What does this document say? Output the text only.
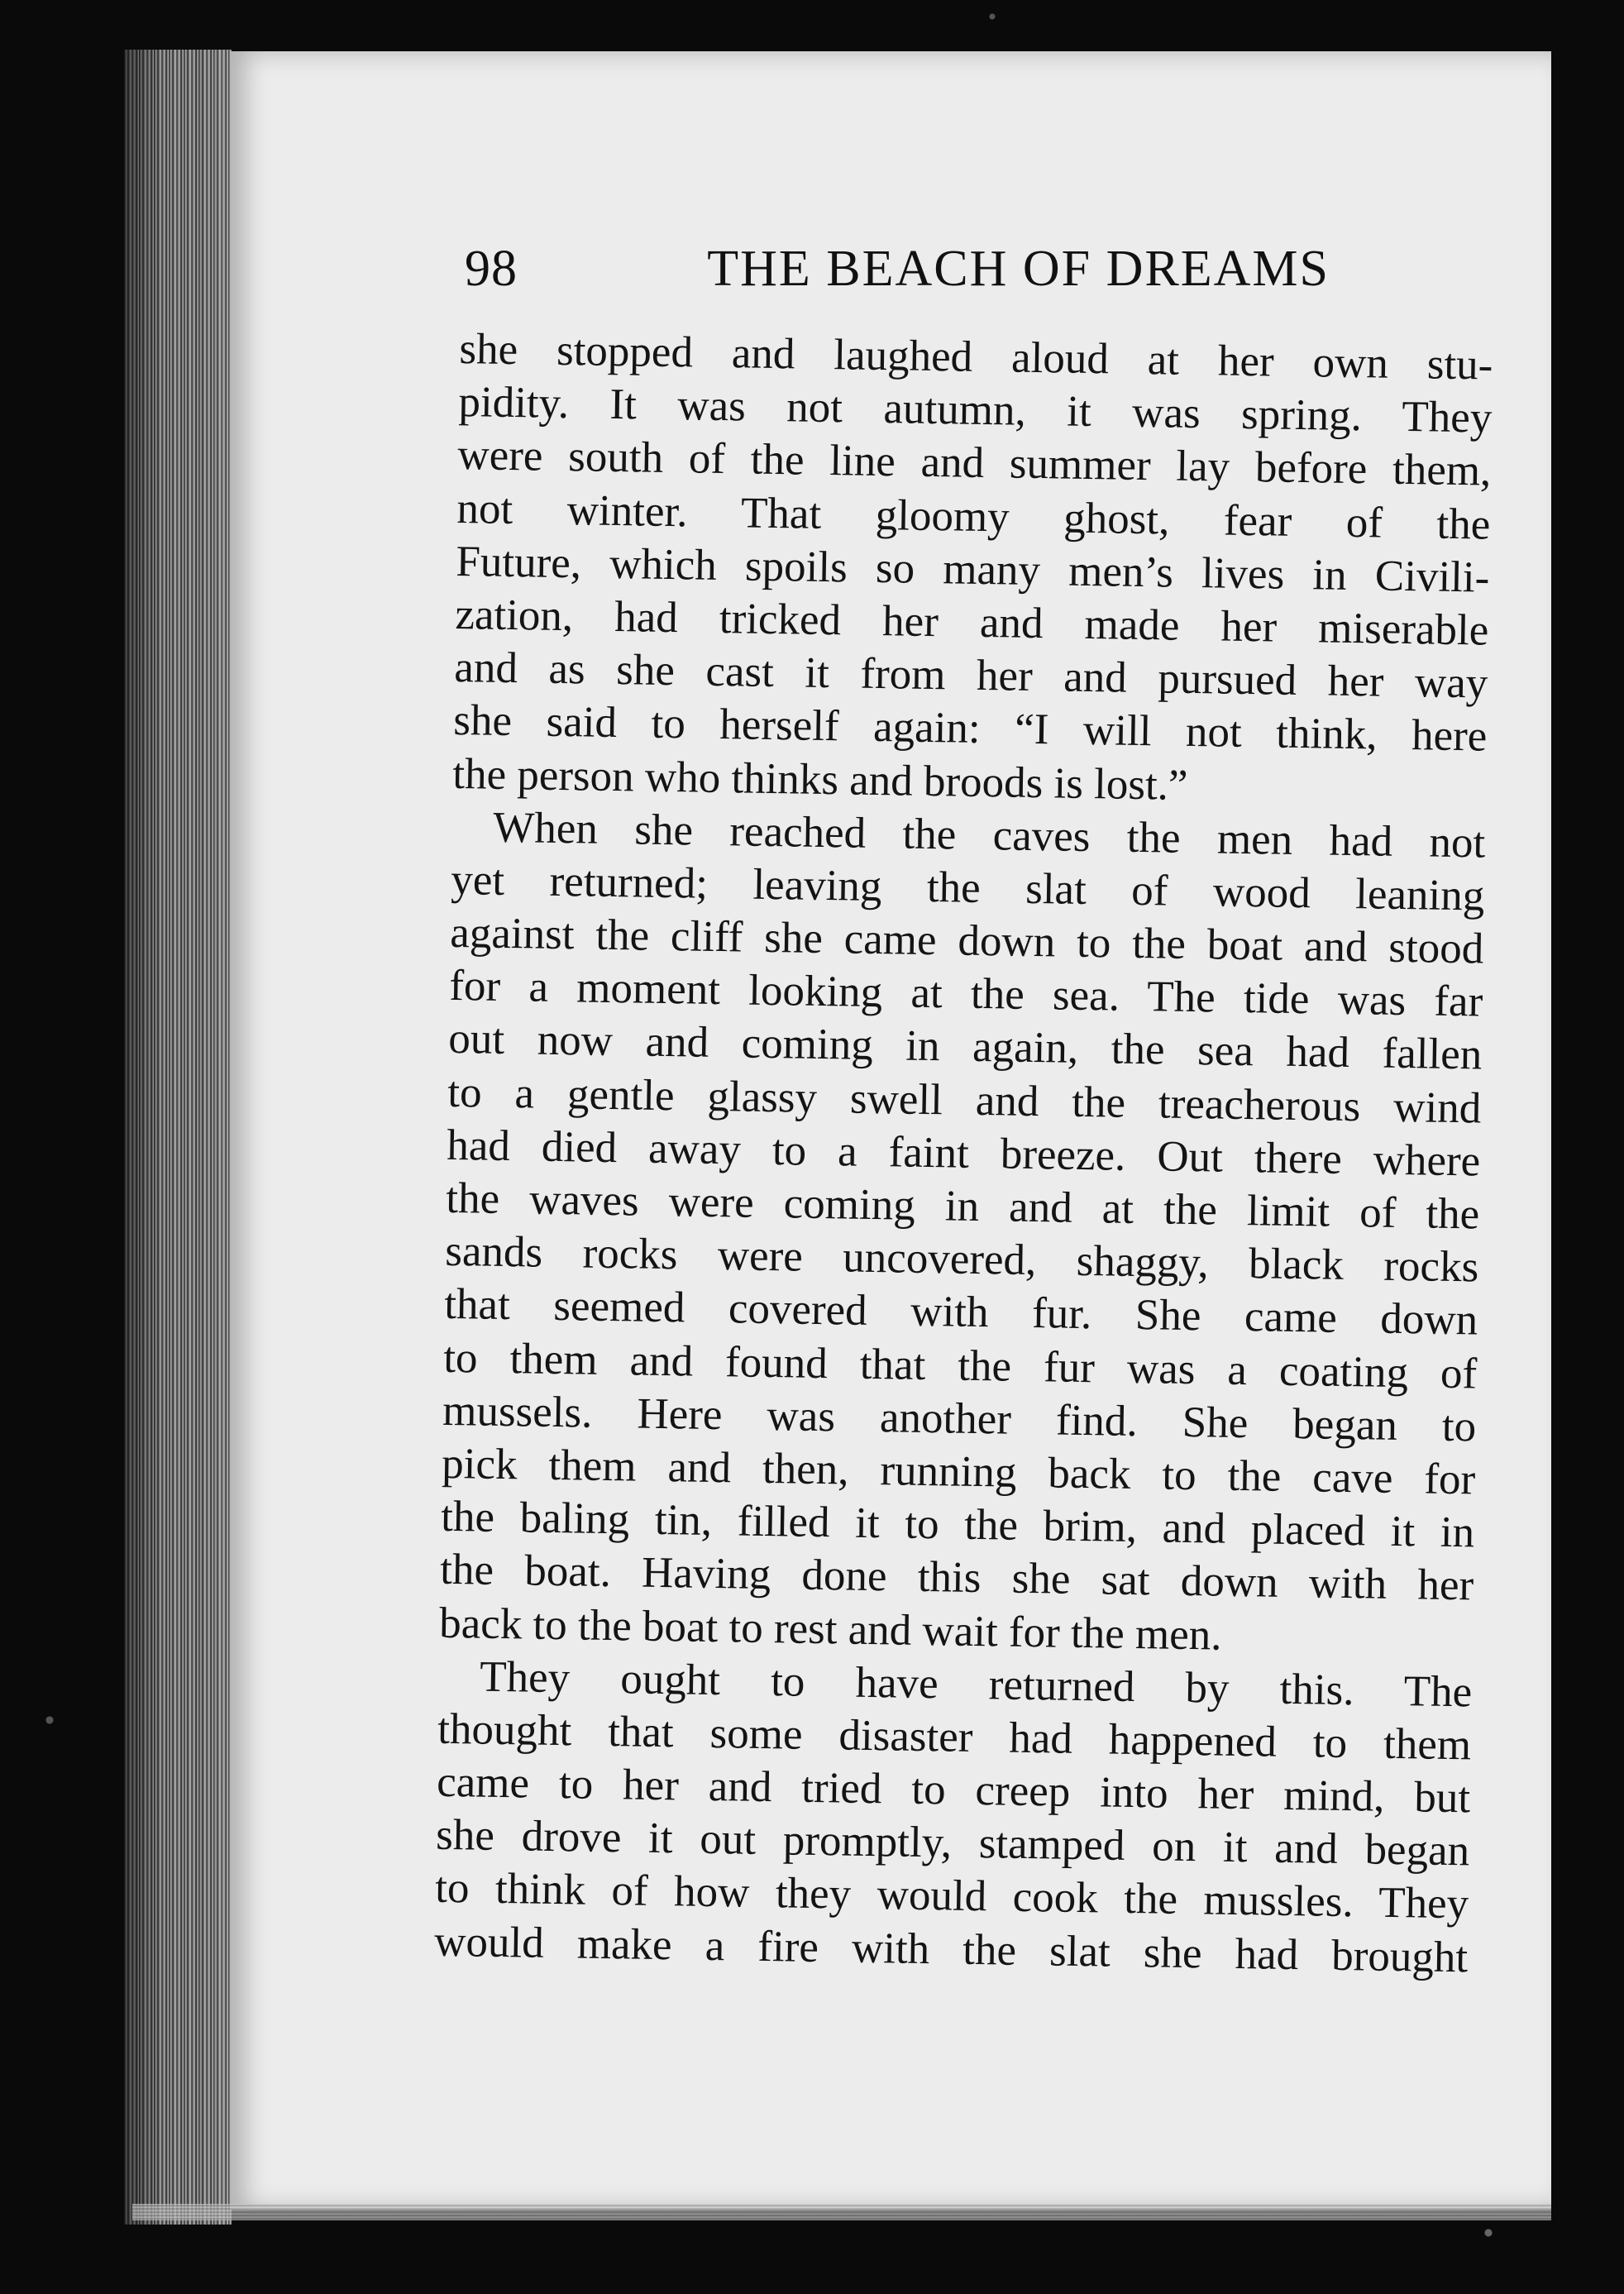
98	THE BEACH OF DREAMS
she stopped and laughed aloud at her own stu-
pidity. It was not autumn, it was spring. They
were south of the line and summer lay before them,
not winter. That gloomy ghost, fear of the
Future, which spoils so many men’s lives in Civili-
zation, had tricked her and made her miserable
and as she cast it from her and pursued her way
she said to herself again: “I will not think, here
the person who thinks and broods is lost.”
When she reached the caves the men had not
yet returned; leaving the slat of wood leaning
against the cliff she came down to the boat and stood
for a moment looking at the sea. The tide was far
out now and coming in again, the sea had fallen
to a gentle glassy swell and the treacherous wind
had died away to a faint breeze. Out there where
the waves were coming in and at the limit of the
sands rocks were uncovered, shaggy, black rocks
that seemed covered with fur. She came down
to them and found that the fur was a coating of
mussels. Here was another find. She began to
pick them and then, running back to the cave for
the baling tin, filled it to the brim, and placed it in
the boat. Having done this she sat down with her
back to the boat to rest and wait for the men.
They ought to have returned by this. The
thought that some disaster had happened to them
came to her and tried to creep into her mind, but
she drove it out promptly, stamped on it and began
to think of how they would cook the mussles. They
would make a fire with the slat she had brought
